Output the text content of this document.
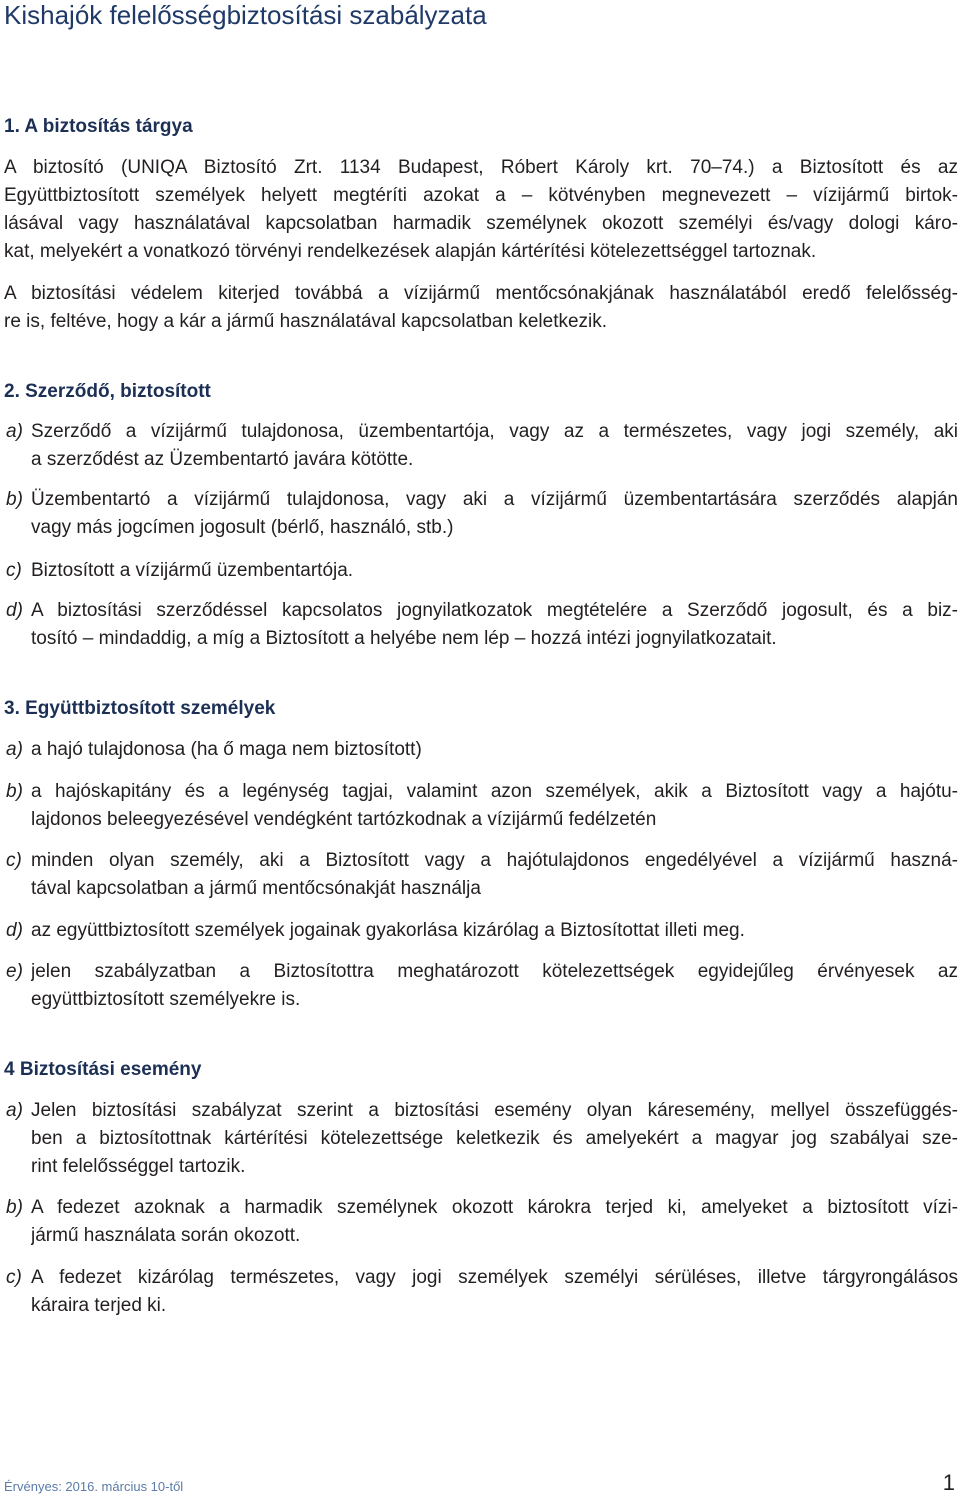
Kishajók felelősségbiztosítási szabályzata
1. A biztosítás tárgya
A biztosító (UNIQA Biztosító Zrt. 1134 Budapest, Róbert Károly krt. 70–74.) a Biztosított és az
Együttbiztosított személyek helyett megtéríti azokat a – kötvényben megnevezett – vízijármű birtok-
lásával vagy használatával kapcsolatban harmadik személynek okozott személyi és/vagy dologi káro-
kat, melyekért a vonatkozó törvényi rendelkezések alapján kártérítési kötelezettséggel tartoznak.
A biztosítási védelem kiterjed továbbá a vízijármű mentőcsónakjának használatából eredő felelősség-
re is, feltéve, hogy a kár a jármű használatával kapcsolatban keletkezik.
2. Szerződő, biztosított
a) Szerződő a vízijármű tulajdonosa, üzembentartója, vagy az a természetes, vagy jogi személy, aki
a szerződést az Üzembentartó javára kötötte.
b) Üzembentartó a vízijármű tulajdonosa, vagy aki a vízijármű üzembentartására szerződés alapján
vagy más jogcímen jogosult (bérlő, használó, stb.)
c) Biztosított a vízijármű üzembentartója.
d) A biztosítási szerződéssel kapcsolatos jognyilatkozatok megtételére a Szerződő jogosult, és a biz-
tosító – mindaddig, a míg a Biztosított a helyébe nem lép – hozzá intézi jognyilatkozatait.
3. Együttbiztosított személyek
a) a hajó tulajdonosa (ha ő maga nem biztosított)
b) a hajóskapitány és a legénység tagjai, valamint azon személyek, akik a Biztosított vagy a hajótu-
lajdonos beleegyezésével vendégként tartózkodnak a vízijármű fedélzetén
c) minden olyan személy, aki a Biztosított vagy a hajótulajdonos engedélyével a vízijármű haszná-
tával kapcsolatban a jármű mentőcsónakját használja
d) az együttbiztosított személyek jogainak gyakorlása kizárólag a Biztosítottat illeti meg.
e) jelen szabályzatban a Biztosítottra meghatározott kötelezettségek egyidejűleg érvényesek az
együttbiztosított személyekre is.
4 Biztosítási esemény
a) Jelen biztosítási szabályzat szerint a biztosítási esemény olyan káresemény, mellyel összefüggés-
ben a biztosítottnak kártérítési kötelezettsége keletkezik és amelyekért a magyar jog szabályai sze-
rint felelősséggel tartozik.
b) A fedezet azoknak a harmadik személynek okozott károkra terjed ki, amelyeket a biztosított vízi-
jármű használata során okozott.
c) A fedezet kizárólag természetes, vagy jogi személyek személyi sérüléses, illetve tárgyrongálásos
káraira terjed ki.
Érvényes: 2016. március 10-től	1
